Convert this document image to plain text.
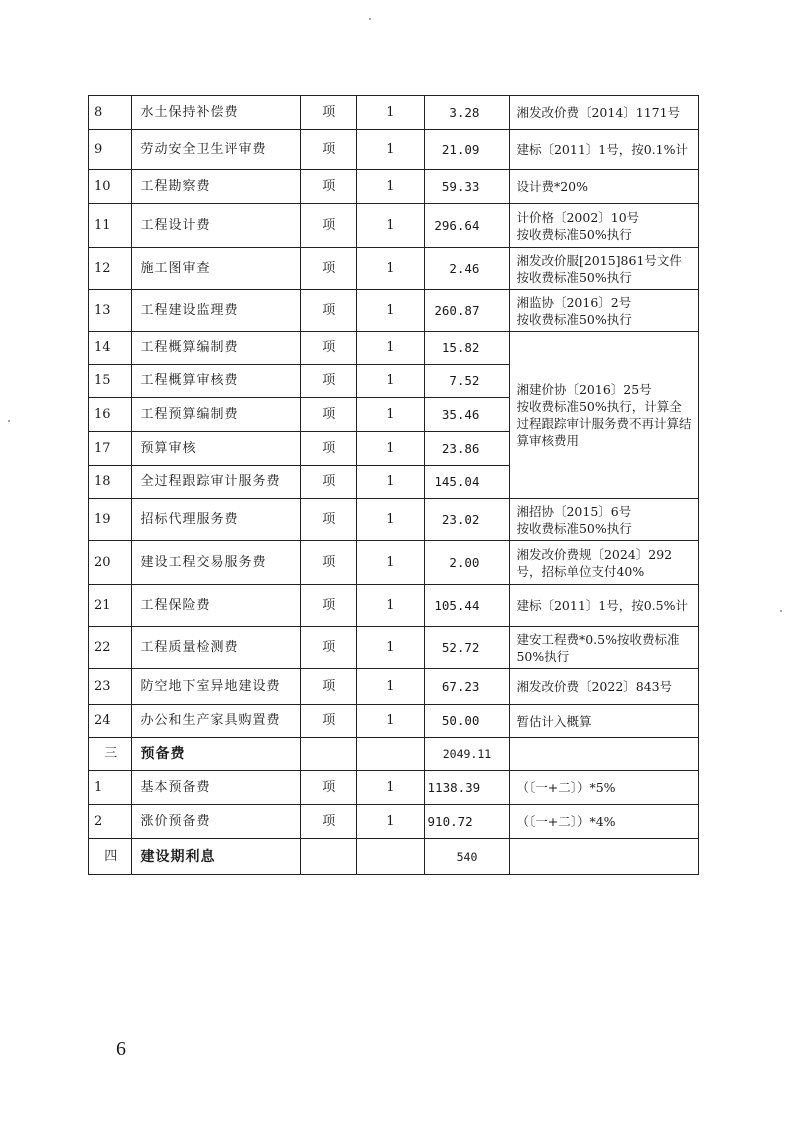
8	水土保持补偿费	项	1	3.28	湘发改价费〔2014〕1171号
9	劳动安全卫生评审费	项	1	21.09	建标〔2011〕1号，按0.1%计
10	工程勘察费	项	1	59.33	设计费*20%
11	工程设计费	项	1	296.64	计价格〔2002〕10号
按收费标准50%执行
12	施工图审查	项	1	2.46	湘发改价服[2015]861号文件按收费标准50%执行
13	工程建设监理费	项	1	260.87	湘监协〔2016〕2号
按收费标准50%执行
14	工程概算编制费	项	1	15.82	湘建价协〔2016〕25号
按收费标准50%执行，计算全过程跟踪审计服务费不再计算结算审核费用
15	工程概算审核费	项	1	7.52	
16	工程预算编制费	项	1	35.46	
17	预算审核	项	1	23.86	
18	全过程跟踪审计服务费	项	1	145.04	
19	招标代理服务费	项	1	23.02	湘招协〔2015〕6号
按收费标准50%执行
20	建设工程交易服务费	项	1	2.00	湘发改价费规〔2024〕292号，招标单位支付40%
21	工程保险费	项	1	105.44	建标〔2011〕1号，按0.5%计
22	工程质量检测费	项	1	52.72	建安工程费*0.5%按收费标准50%执行
23	防空地下室异地建设费	项	1	67.23	湘发改价费〔2022〕843号
24	办公和生产家具购置费	项	1	50.00	暂估计入概算
三	预备费			2049.11	
1	基本预备费	项	1	1138.39	（〔一+二〕）*5%
2	涨价预备费	项	1	910.72	（〔一+二〕）*4%
四	建设期利息			540	
6
